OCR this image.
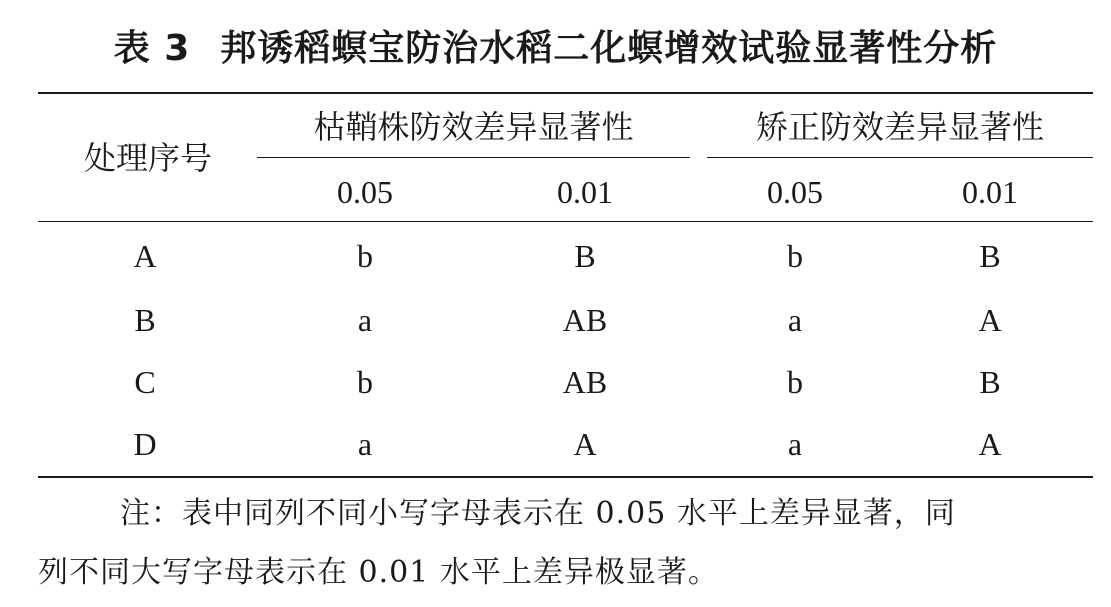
表 3 邦诱稻螟宝防治水稻二化螟增效试验显著性分析
处理序号
枯鞘株防效差异显著性	矫正防效差异显著性
0.05	0.01	0.05	0.01
A	b	B	b	B
B	a	AB	a	A
C	b	AB	b	B
D	a	A	a	A
注：表中同列不同小写字母表示在 0.05 水平上差异显著，同
列不同大写字母表示在 0.01 水平上差异极显著。
